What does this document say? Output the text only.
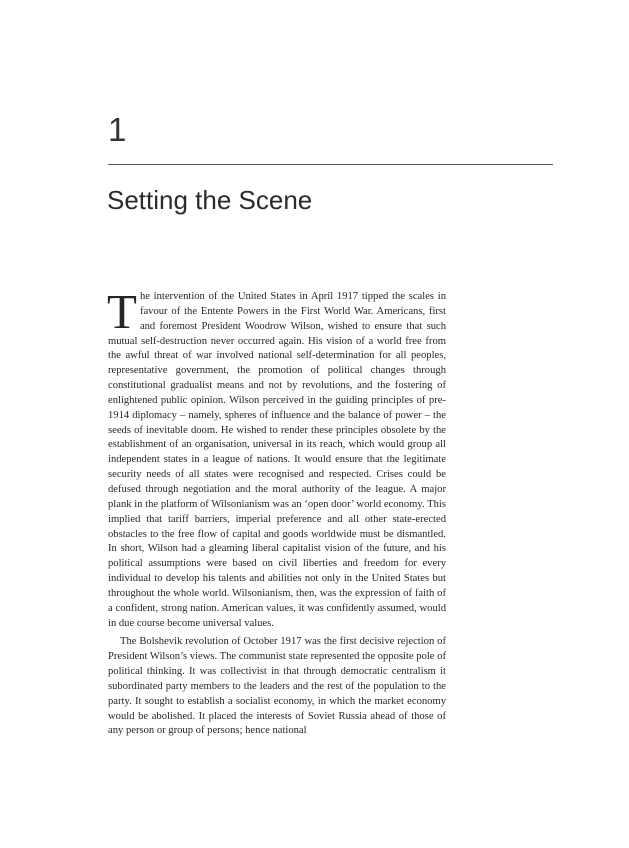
1
Setting the Scene

The intervention of the United States in April 1917 tipped the scales in favour of the Entente Powers in the First World War. Americans, first and foremost President Woodrow Wilson, wished to ensure that such mutual self-destruction never occurred again. His vision of a world free from the awful threat of war involved national self-determination for all peoples, representative government, the promotion of political changes through constitutional gradualist means and not by revolutions, and the fostering of enlightened public opinion. Wilson perceived in the guiding principles of pre-1914 diplomacy – namely, spheres of influence and the balance of power – the seeds of inevitable doom. He wished to render these principles obsolete by the establishment of an organisation, universal in its reach, which would group all independent states in a league of nations. It would ensure that the legitimate security needs of all states were recognised and respected. Crises could be defused through negotiation and the moral authority of the league. A major plank in the platform of Wilsonianism was an ‘open door’ world economy. This implied that tariff barriers, imperial preference and all other state-erected obstacles to the free flow of capital and goods worldwide must be dismantled. In short, Wilson had a gleaming liberal capitalist vision of the future, and his political assumptions were based on civil liberties and freedom for every individual to develop his talents and abilities not only in the United States but throughout the whole world. Wilsonianism, then, was the expression of faith of a confident, strong nation. American values, it was confidently assumed, would in due course become universal values.

The Bolshevik revolution of October 1917 was the first decisive rejection of President Wilson’s views. The communist state represented the opposite pole of political thinking. It was collectivist in that through democratic centralism it subordinated party members to the leaders and the rest of the population to the party. It sought to establish a socialist economy, in which the market economy would be abolished. It placed the interests of Soviet Russia ahead of those of any person or group of persons; hence national
